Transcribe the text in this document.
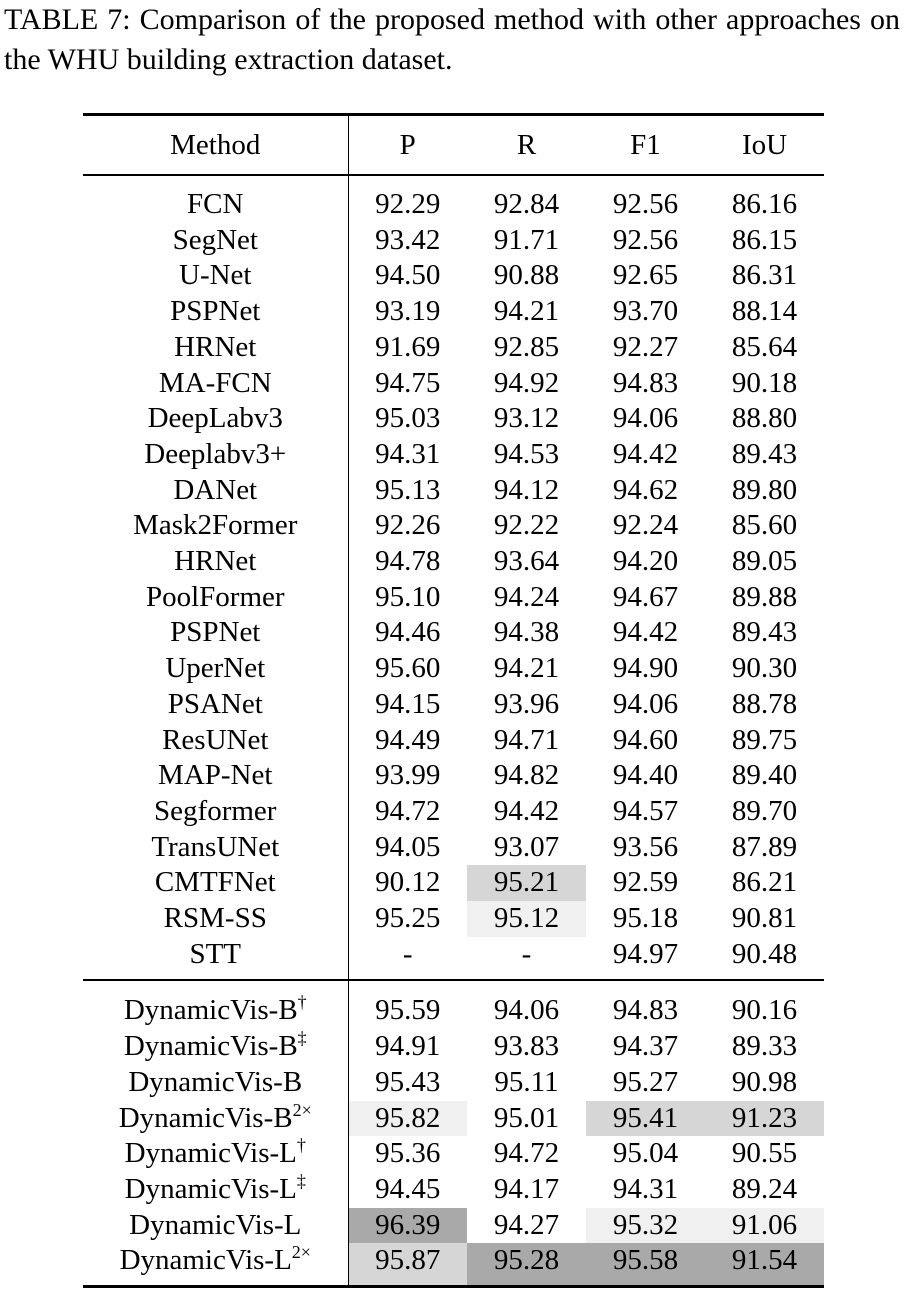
TABLE 7: Comparison of the proposed method with other approaches on the WHU building extraction dataset.

Method	P	R	F1	IoU
FCN	92.29	92.84	92.56	86.16
SegNet	93.42	91.71	92.56	86.15
U-Net	94.50	90.88	92.65	86.31
PSPNet	93.19	94.21	93.70	88.14
HRNet	91.69	92.85	92.27	85.64
MA-FCN	94.75	94.92	94.83	90.18
DeepLabv3	95.03	93.12	94.06	88.80
Deeplabv3+	94.31	94.53	94.42	89.43
DANet	95.13	94.12	94.62	89.80
Mask2Former	92.26	92.22	92.24	85.60
HRNet	94.78	93.64	94.20	89.05
PoolFormer	95.10	94.24	94.67	89.88
PSPNet	94.46	94.38	94.42	89.43
UperNet	95.60	94.21	94.90	90.30
PSANet	94.15	93.96	94.06	88.78
ResUNet	94.49	94.71	94.60	89.75
MAP-Net	93.99	94.82	94.40	89.40
Segformer	94.72	94.42	94.57	89.70
TransUNet	94.05	93.07	93.56	87.89
CMTFNet	90.12	95.21	92.59	86.21
RSM-SS	95.25	95.12	95.18	90.81
STT	-	-	94.97	90.48
DynamicVis-B†	95.59	94.06	94.83	90.16
DynamicVis-B‡	94.91	93.83	94.37	89.33
DynamicVis-B	95.43	95.11	95.27	90.98
DynamicVis-$B^{2\times}$	95.82	95.01	95.41	91.23
DynamicVis-L†	95.36	94.72	95.04	90.55
DynamicVis-L‡	94.45	94.17	94.31	89.24
DynamicVis-L	96.39	94.27	95.32	91.06
DynamicVis-$L^{2\times}$	95.87	95.28	95.58	91.54
